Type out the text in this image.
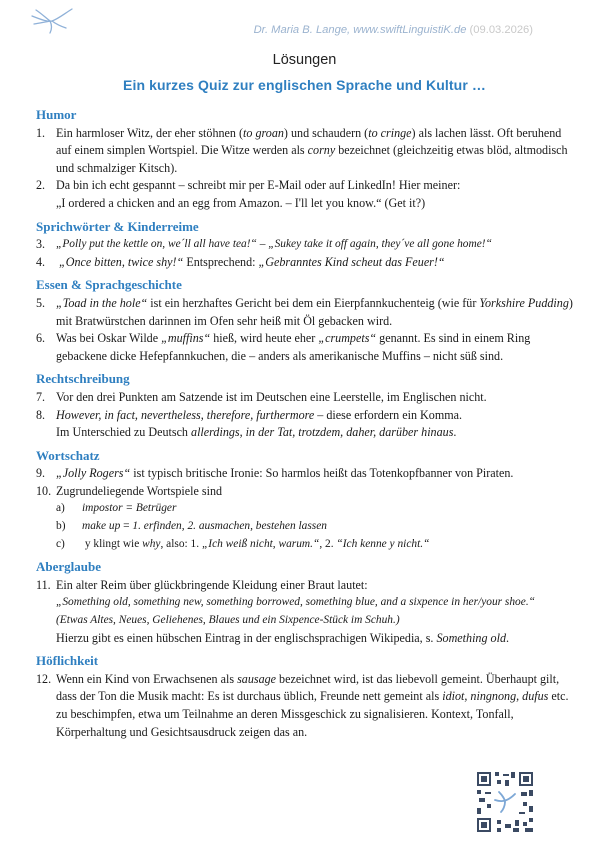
Dr. Maria B. Lange, www.swiftLinguistiK.de (09.03.2026)
Lösungen
Ein kurzes Quiz zur englischen Sprache und Kultur …
Humor
1. Ein harmloser Witz, der eher stöhnen (to groan) und schaudern (to cringe) als lachen lässt. Oft beruhend auf einem simplen Wortspiel. Die Witze werden als corny bezeichnet (gleichzeitig etwas blöd, altmodisch und schmalziger Kitsch).
2. Da bin ich echt gespannt – schreibt mir per E-Mail oder auf LinkedIn! Hier meiner:
„I ordered a chicken and an egg from Amazon. – I'll let you know.“ (Get it?)
Sprichwörter & Kinderreime
3. „Polly put the kettle on, we´ll all have tea!“ – „Sukey take it off again, they´ve all gone home!“
4.	„Once bitten, twice shy!“ Entsprechend: „Gebranntes Kind scheut das Feuer!“
Essen & Sprachgeschichte
5. „Toad in the hole“ ist ein herzhaftes Gericht bei dem ein Eierpfannkuchenteig (wie für Yorkshire Pudding) mit Bratwürstchen darinnen im Ofen sehr heiß mit Öl gebacken wird.
6. Was bei Oskar Wilde „muffins“ hieß, wird heute eher „crumpets“ genannt. Es sind in einem Ring gebackene dicke Hefepfannkuchen, die – anders als amerikanische Muffins – nicht süß sind.
Rechtschreibung
7. Vor den drei Punkten am Satzende ist im Deutschen eine Leerstelle, im Englischen nicht.
8. However, in fact, nevertheless, therefore, furthermore – diese erfordern ein Komma.
Im Unterschied zu Deutsch allerdings, in der Tat, trotzdem, daher, darüber hinaus.
Wortschatz
9. „Jolly Rogers“ ist typisch britische Ironie: So harmlos heißt das Totenkopfbanner von Piraten.
10. Zugrundeliegende Wortspiele sind
a)	impostor = Betrüger
b)	make up = 1. erfinden, 2. ausmachen, bestehen lassen
c)	y klingt wie why, also: 1. „Ich weiß nicht, warum.“, 2. “Ich kenne y nicht.“
Aberglaube
11. Ein alter Reim über glückbringende Kleidung einer Braut lautet:
„Something old, something new, something borrowed, something blue, and a sixpence in her/your shoe.“
(Etwas Altes, Neues, Geliehenes, Blaues und ein Sixpence-Stück im Schuh.)
Hierzu gibt es einen hübschen Eintrag in der englischsprachigen Wikipedia, s. Something old.
Höflichkeit
12. Wenn ein Kind von Erwachsenen als sausage bezeichnet wird, ist das liebevoll gemeint. Überhaupt gilt, dass der Ton die Musik macht: Es ist durchaus üblich, Freunde nett gemeint als idiot, ningnong, dufus etc. zu beschimpfen, etwa um Teilnahme an deren Missgeschick zu signalisieren. Kontext, Tonfall, Körperhaltung und Gesichtsausdruck zeigen das an.
